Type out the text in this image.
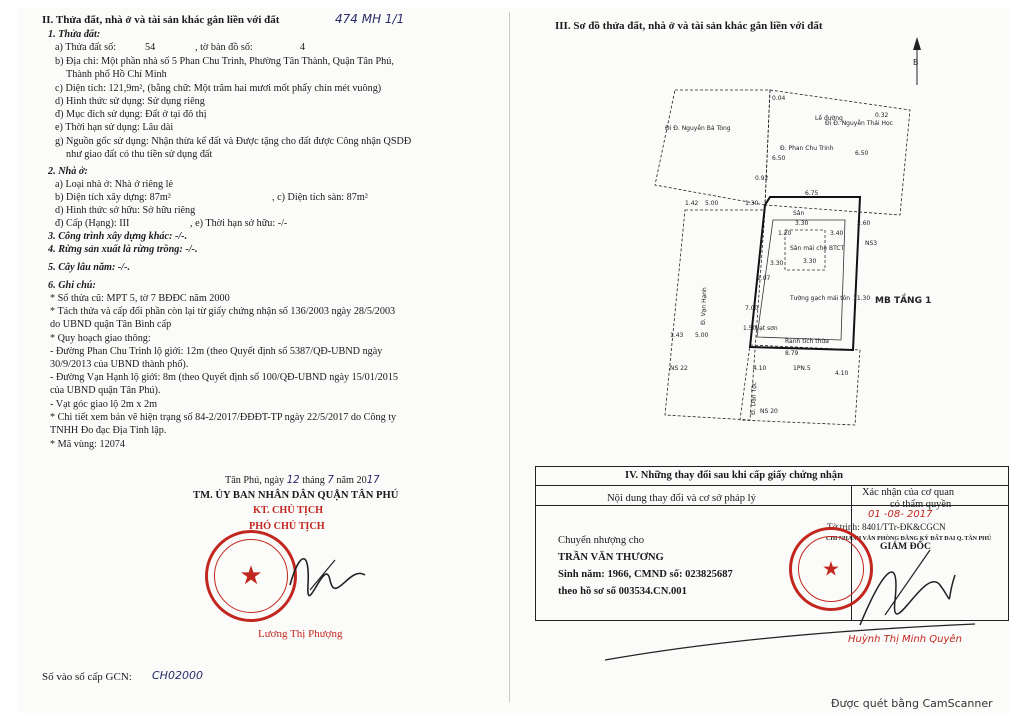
II. Thửa đất, nhà ở và tài sản khác gắn liền với đất	474 MH 1/1
1. Thửa đất:
a) Thửa đất số:	54	, tờ bản đồ số:	4
b) Địa chỉ: Một phần nhà số 5 Phan Chu Trinh, Phường Tân Thành, Quận Tân Phú,
Thành phố Hồ Chí Minh
c) Diện tích: 121,9m², (bằng chữ: Một trăm hai mươi mốt phẩy chín mét vuông)
d) Hình thức sử dụng: Sử dụng riêng
đ) Mục đích sử dụng: Đất ở tại đô thị
e) Thời hạn sử dụng: Lâu dài
g) Nguồn gốc sử dụng: Nhận thừa kế đất và Được tặng cho đất được Công nhận QSDĐ
như giao đất có thu tiền sử dụng đất
2. Nhà ở:
a) Loại nhà ở: Nhà ở riêng lẻ
b) Diện tích xây dựng: 87m²	, c) Diện tích sàn: 87m²
d) Hình thức sở hữu: Sở hữu riêng
đ) Cấp (Hạng): III	, e) Thời hạn sở hữu: -/-
3. Công trình xây dựng khác: -/-.
4. Rừng sản xuất là rừng trồng: -/-.
5. Cây lâu năm: -/-.
6. Ghi chú:
* Số thửa cũ: MPT 5, tờ 7 BĐĐC năm 2000
* Tách thửa và cấp đổi phần còn lại từ giấy chứng nhận số 136/2003 ngày 28/5/2003
do UBND quận Tân Bình cấp
* Quy hoạch giao thông:
- Đường Phan Chu Trinh lộ giới: 12m (theo Quyết định số 5387/QĐ-UBND ngày
30/9/2013 của UBND thành phố).
- Đường Vạn Hạnh lộ giới: 8m (theo Quyết định số 100/QĐ-UBND ngày 15/01/2015
của UBND quận Tân Phú).
- Vạt góc giao lộ 2m x 2m
* Chi tiết xem bản vẽ hiện trạng số 84-2/2017/ĐĐĐT-TP ngày 22/5/2017 do Công ty
TNHH Đo đạc Địa Tỉnh lập.
* Mã vùng: 12074
Tân Phú, ngày 12 tháng 7 năm 2017
TM. ỦY BAN NHÂN DÂN QUẬN TÂN PHÚ
KT. CHỦ TỊCH
PHÓ CHỦ TỊCH
★
Lương Thị Phượng
Số vào sổ cấp GCN: CH02000
III. Sơ đồ thửa đất, nhà ở và tài sản khác gắn liền với đất
B
Đ. Phan Chu Trinh
Đi Đ. Nguyễn Bá Tòng
Đi Đ. Nguyễn Thái Học
Đ. Vạn Hạnh
Đ. Dân Tộc
Lề đường
Sân
Sân mái che BTCT
Tường gạch mái tôn
Ranh tích thửa
1PN.5
Vạt sơn
MB TẦNG 1
6.75
3.30
3.40
5.00	1.30
2.07
7.00
1.50
5.00
8.79
4.10
4.10
11.30
6.50
0.92
2.60
1.42
1.43
0.04
0.32
3.30	3.30
1.20
6.50
NS3
NS 22
NS 20
IV. Những thay đổi sau khi cấp giấy chứng nhận
Nội dung thay đổi và cơ sở pháp lý
Xác nhận của cơ quan
có thẩm quyền
Chuyển nhượng cho
TRẦN VĂN THƯƠNG
Sinh năm: 1966, CMND số: 023825687
theo hồ sơ số 003534.CN.001
01 -08- 2017
Tờ trình: 8401/TTr-ĐK&CGCN
CHI NHÁNH VĂN PHÒNG ĐĂNG KÝ ĐẤT ĐAI Q. TÂN PHÚ
GIÁM ĐỐC
★
Huỳnh Thị Minh Quyên
Được quét bằng CamScanner
